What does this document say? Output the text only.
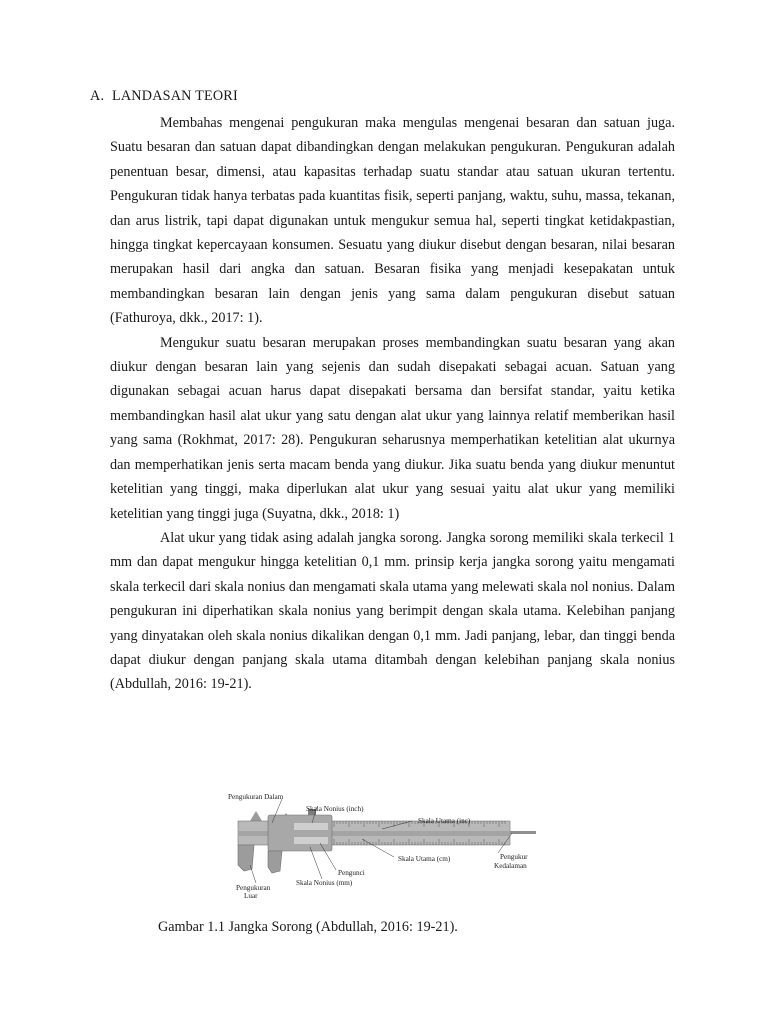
A. LANDASAN TEORI

Membahas mengenai pengukuran maka mengulas mengenai besaran dan satuan juga. Suatu besaran dan satuan dapat dibandingkan dengan melakukan pengukuran. Pengukuran adalah penentuan besar, dimensi, atau kapasitas terhadap suatu standar atau satuan ukuran tertentu. Pengukuran tidak hanya terbatas pada kuantitas fisik, seperti panjang, waktu, suhu, massa, tekanan, dan arus listrik, tapi dapat digunakan untuk mengukur semua hal, seperti tingkat ketidakpastian, hingga tingkat kepercayaan konsumen. Sesuatu yang diukur disebut dengan besaran, nilai besaran merupakan hasil dari angka dan satuan. Besaran fisika yang menjadi kesepakatan untuk membandingkan besaran lain dengan jenis yang sama dalam pengukuran disebut satuan (Fathuroya, dkk., 2017: 1).

Mengukur suatu besaran merupakan proses membandingkan suatu besaran yang akan diukur dengan besaran lain yang sejenis dan sudah disepakati sebagai acuan. Satuan yang digunakan sebagai acuan harus dapat disepakati bersama dan bersifat standar, yaitu ketika membandingkan hasil alat ukur yang satu dengan alat ukur yang lainnya relatif memberikan hasil yang sama (Rokhmat, 2017: 28). Pengukuran seharusnya memperhatikan ketelitian alat ukurnya dan memperhatikan jenis serta macam benda yang diukur. Jika suatu benda yang diukur menuntut ketelitian yang tinggi, maka diperlukan alat ukur yang sesuai yaitu alat ukur yang memiliki ketelitian yang tinggi juga (Suyatna, dkk., 2018: 1)

Alat ukur yang tidak asing adalah jangka sorong. Jangka sorong memiliki skala terkecil 1 mm dan dapat mengukur hingga ketelitian 0,1 mm. prinsip kerja jangka sorong yaitu mengamati skala terkecil dari skala nonius dan mengamati skala utama yang melewati skala nol nonius. Dalam pengukuran ini diperhatikan skala nonius yang berimpit dengan skala utama. Kelebihan panjang yang dinyatakan oleh skala nonius dikalikan dengan 0,1 mm. Jadi panjang, lebar, dan tinggi benda dapat diukur dengan panjang skala utama ditambah dengan kelebihan panjang skala nonius (Abdullah, 2016: 19-21).

Pengukuran Dalam
Skala Nonius (inch)
Skala Utama (inc)
Skala Utama (cm)	Pengukur
Kedalaman
Pengunci
Skala Nonius (mm)
Pengukuran
Luar
Gambar 1.1 Jangka Sorong (Abdullah, 2016: 19-21).
